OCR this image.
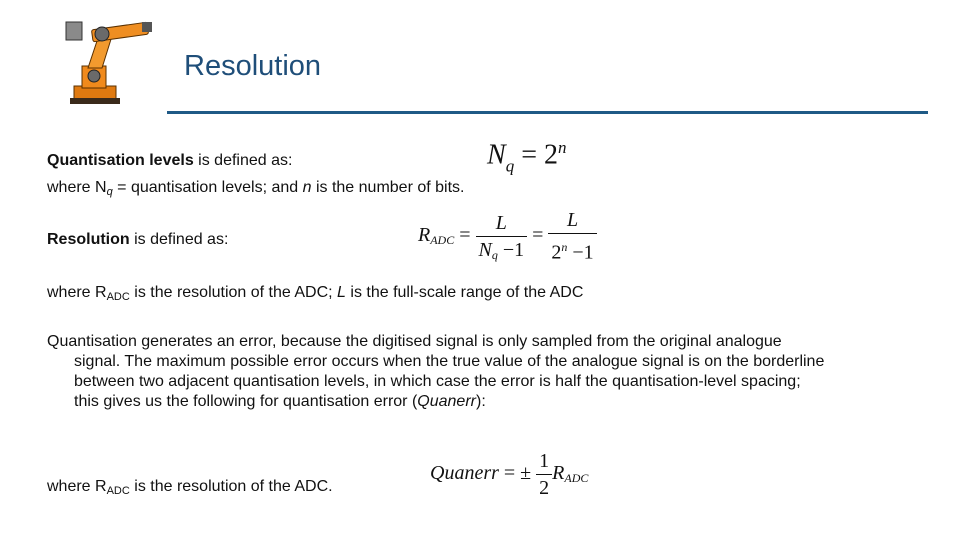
Resolution
Quantisation levels is defined as:
where $N_q$ = quantisation levels; and n is the number of bits.
$N_q = 2^n$
Resolution is defined as:	$R_{ADC} = \frac{L}{N_q -1} = \frac{L}{2^n -1}$
where $R_{ADC}$ is the resolution of the ADC; L is the full-scale range of the ADC
Quantisation generates an error, because the digitised signal is only sampled from the original analogue
signal. The maximum possible error occurs when the true value of the analogue signal is on the borderline
between two adjacent quantisation levels, in which case the error is half the quantisation-level spacing;
this gives us the following for quantisation error (Quanerr):
Quanerr = ± $\frac{1}{2} R_{ADC}$
where $R_{ADC}$ is the resolution of the ADC.
